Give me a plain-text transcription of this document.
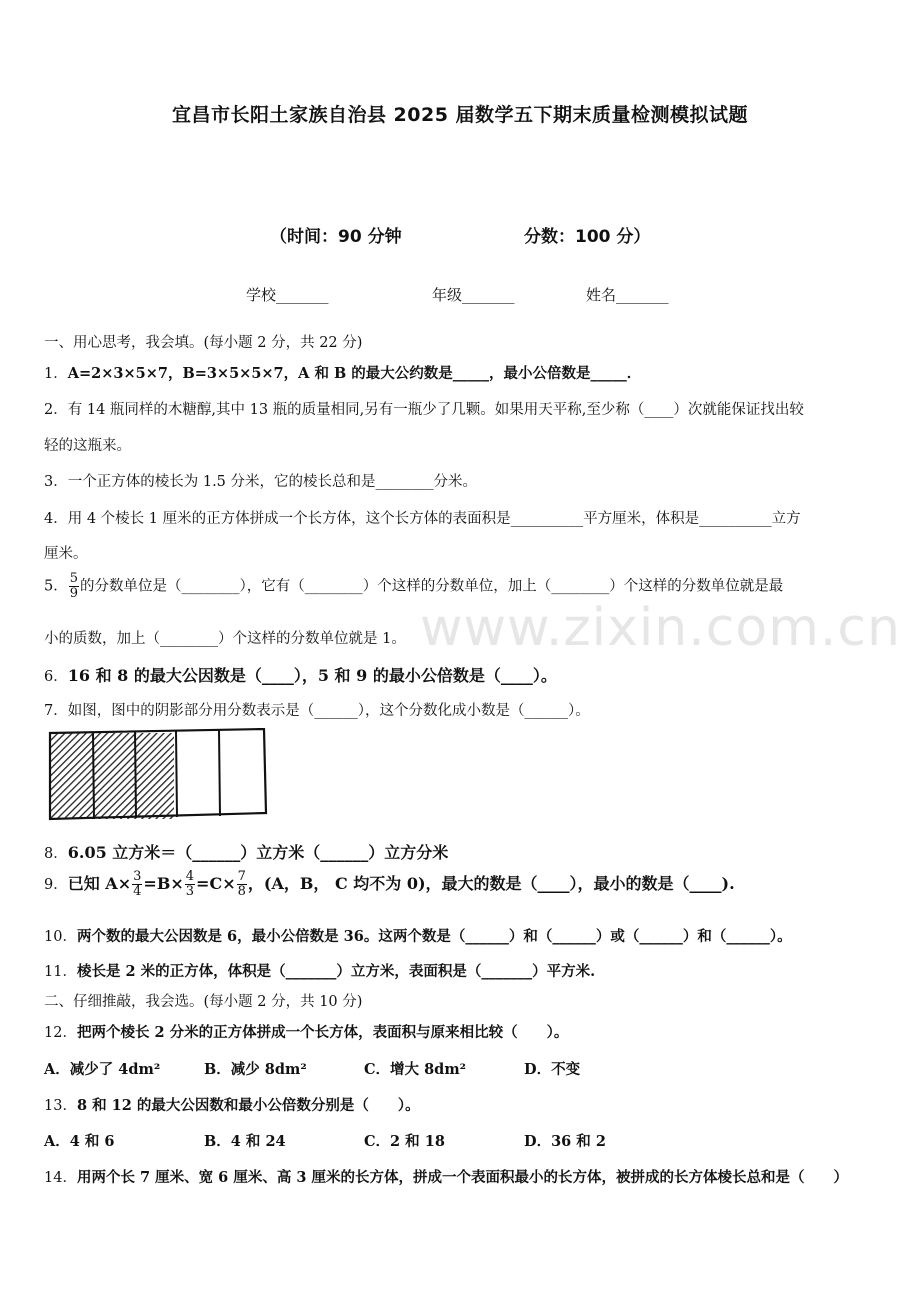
宜昌市长阳土家族自治县 2025 届数学五下期末质量检测模拟试题
（时间：90 分钟	分数：100 分）
学校_______	年级_______	姓名_______
www.zixin.com.cn
一、用心思考，我会填。(每小题 2 分，共 22 分)
1．A=2×3×5×7，B=3×5×5×7，A 和 B 的最大公约数是_____，最小公倍数是_____．
2．有 14 瓶同样的木糖醇,其中 13 瓶的质量相同,另有一瓶少了几颗。如果用天平称,至少称（____）次就能保证找出较
轻的这瓶来。
3．一个正方体的棱长为 1.5 分米，它的棱长总和是________分米。
4．用 4 个棱长 1 厘米的正方体拼成一个长方体，这个长方体的表面积是__________平方厘米，体积是__________立方
厘米。
5． $\frac{5}{9}$ 的分数单位是（________），它有（________）个这样的分数单位，加上（________）个这样的分数单位就是最
小的质数，加上（________）个这样的分数单位就是 1。
6．16 和 8 的最大公因数是（____），5 和 9 的最小公倍数是（____）。
7．如图，图中的阴影部分用分数表示是（______），这个分数化成小数是（______）。
8．6.05 立方米＝（______）立方米（______）立方分米
9．已知 $A\times \frac{3}{4} =B\times \frac{4}{3} =C\times \frac{7}{8}$ ，(A，B， C 均不为 0)，最大的数是（____），最小的数是（____).
10．两个数的最大公因数是 6，最小公倍数是 36。这两个数是（______）和（______）或（______）和（______）。
11．棱长是 2 米的正方体，体积是（_______）立方米，表面积是（_______）平方米.
二、仔细推敲，我会选。(每小题 2 分，共 10 分)
12．把两个棱长 2 分米的正方体拼成一个长方体，表面积与原来相比较（　　）。
A．减少了 4dm²	B．减少 8dm²	C．增大 8dm²	D．不变
13．8 和 12 的最大公因数和最小公倍数分别是（　　）。
A．4 和 6	B．4 和 24	C．2 和 18	D．36 和 2
14．用两个长 7 厘米、宽 6 厘米、高 3 厘米的长方体，拼成一个表面积最小的长方体，被拼成的长方体棱长总和是（　　）
